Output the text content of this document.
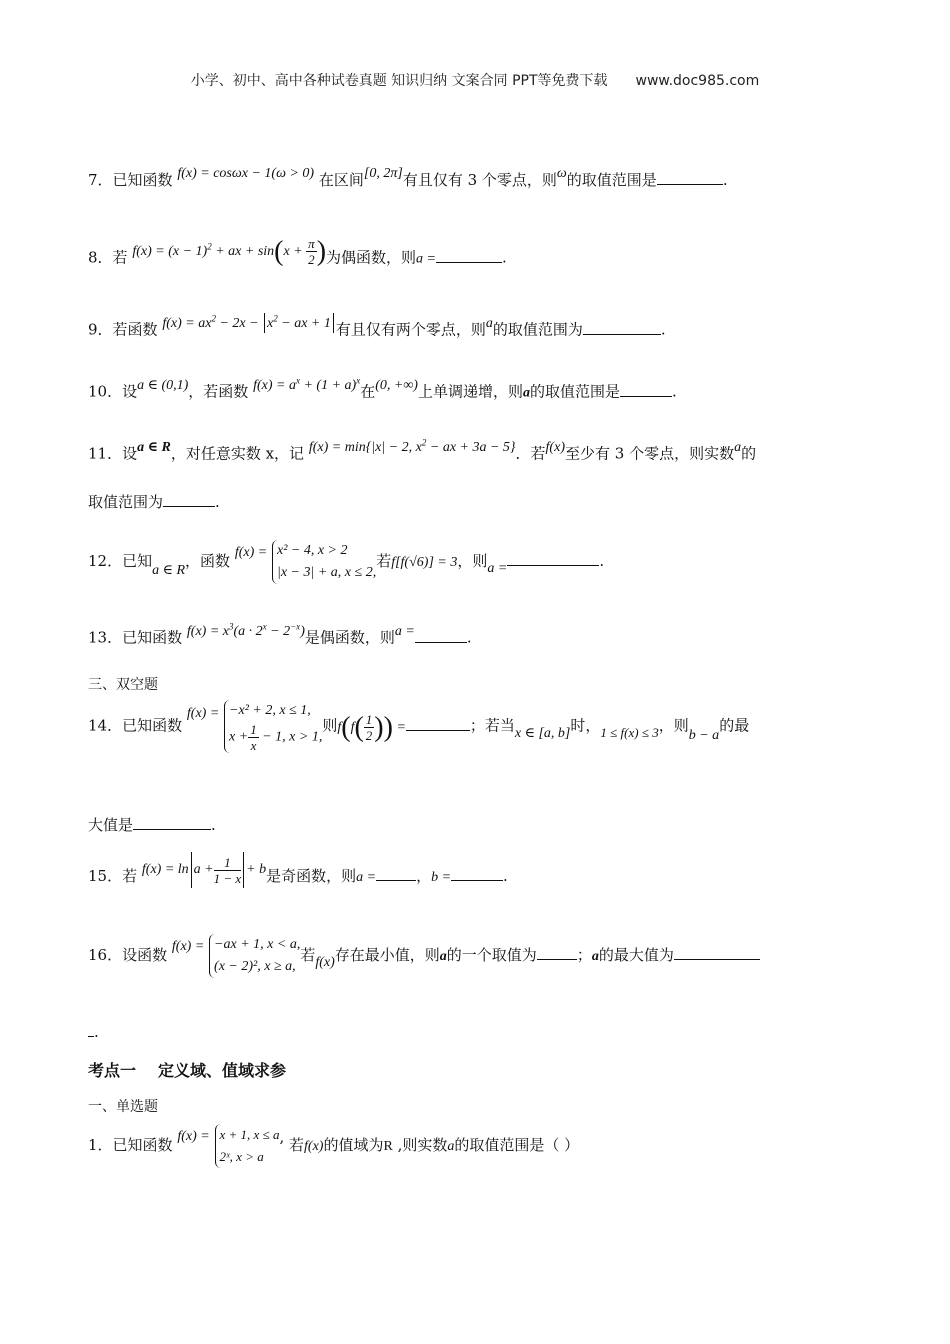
小学、初中、高中各种试卷真题 知识归纳 文案合同 PPT等免费下载 www.doc985.com
7．已知函数 f(x) = cosωx − 1(ω > 0) 在区间[0, 2π]有且仅有 3 个零点，则ω的取值范围是	.
8．若 $f(x) = (x - 1)^2$ + ax + $\sin(x + \frac{\pi}{2}$ )为偶函数，则a =	.
9．若函数 $f(x) = ax^2 - 2x - x^2$ − ax + 1 有且仅有两个零点，则a的取值范围为	.
10．设a ∈ (0,1)，若函数 $f(x) = a^x + (1 + a)^x$在(0, +∞)上单调递增，则a的取值范围是	.
11．设a ∈ R，对任意实数 x，记 f(x) = min{|x| − 2, $x^2$ − ax + 3a − 5}．若f(x)至少有 3 个零点，则实数a的
取值范围为	.
12．已知a ∈ R，函数 f(x) = x² − 4, x > 2
|x − 3| + a, x ≤ 2,
若f[f(√6)] = 3，则a =	.
13．已知函数 $f(x) = x^3(a \cdot 2^x - 2^{-x})$是偶函数，则a =	.
三、双空题
14．已知函数 f(x) = −x² + 2, x ≤ 1,
$x + \frac{1}{x} - 1$, x > 1,
则$f(f( \frac{1}{2}$ )) =	；若当x ∈ [a, b]时，1 ≤ f(x) ≤ 3，则b − a的最
大值是	.
15．若 $f(x) = \ln a + \frac{1}{1 - x} + b$是奇函数，则a =	，b =	.
16．设函数 f(x) = −ax + 1, x < a,
(x − 2)², x ≥ a,
若f(x)存在最小值，则a的一个取值为	；a的最大值为
.
考点一 定义域、值域求参
一、单选题
1．已知函数 f(x) = x + 1, x ≤ a
2ˣ, x > a
, 若f(x)的值域为R ,则实数a的取值范围是（ ）
